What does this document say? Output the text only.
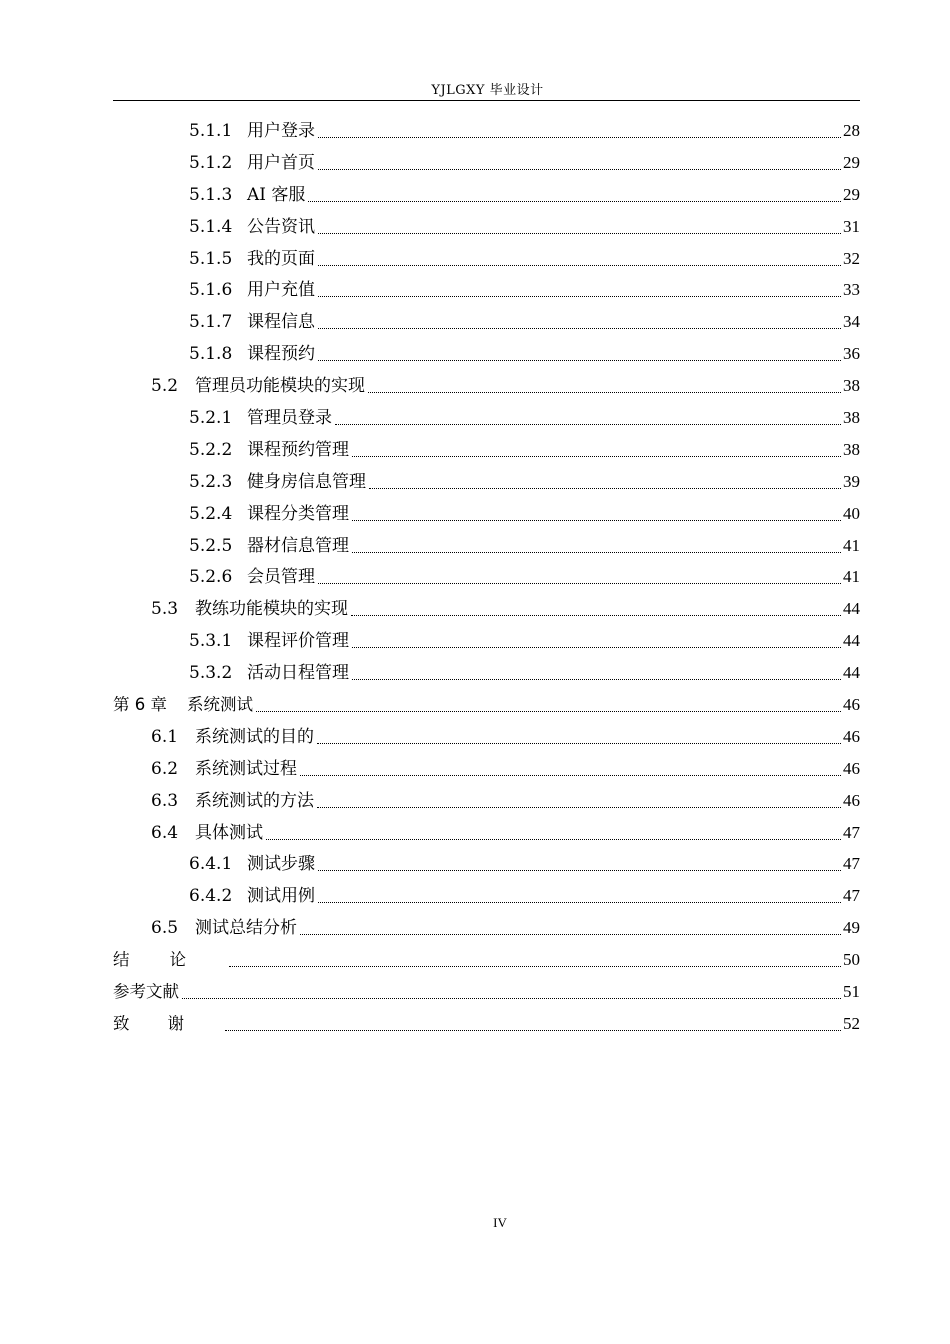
YJLGXY 毕业设计
5.1.1 用户登录	28
5.1.2 用户首页	29
5.1.3 AI 客服	29
5.1.4 公告资讯	31
5.1.5 我的页面	32
5.1.6 用户充值	33
5.1.7 课程信息	34
5.1.8 课程预约	36
5.2 管理员功能模块的实现	38
5.2.1 管理员登录	38
5.2.2 课程预约管理	38
5.2.3 健身房信息管理	39
5.2.4 课程分类管理	40
5.2.5 器材信息管理	41
5.2.6 会员管理	41
5.3 教练功能模块的实现	44
5.3.1 课程评价管理	44
5.3.2 活动日程管理	44
第 6 章 系统测试	46
6.1 系统测试的目的	46
6.2 系统测试过程	46
6.3 系统测试的方法	46
6.4 具体测试	47
6.4.1 测试步骤	47
6.4.2 测试用例	47
6.5 测试总结分析	49
结论	50
参考文献	51
致谢	52
IV
